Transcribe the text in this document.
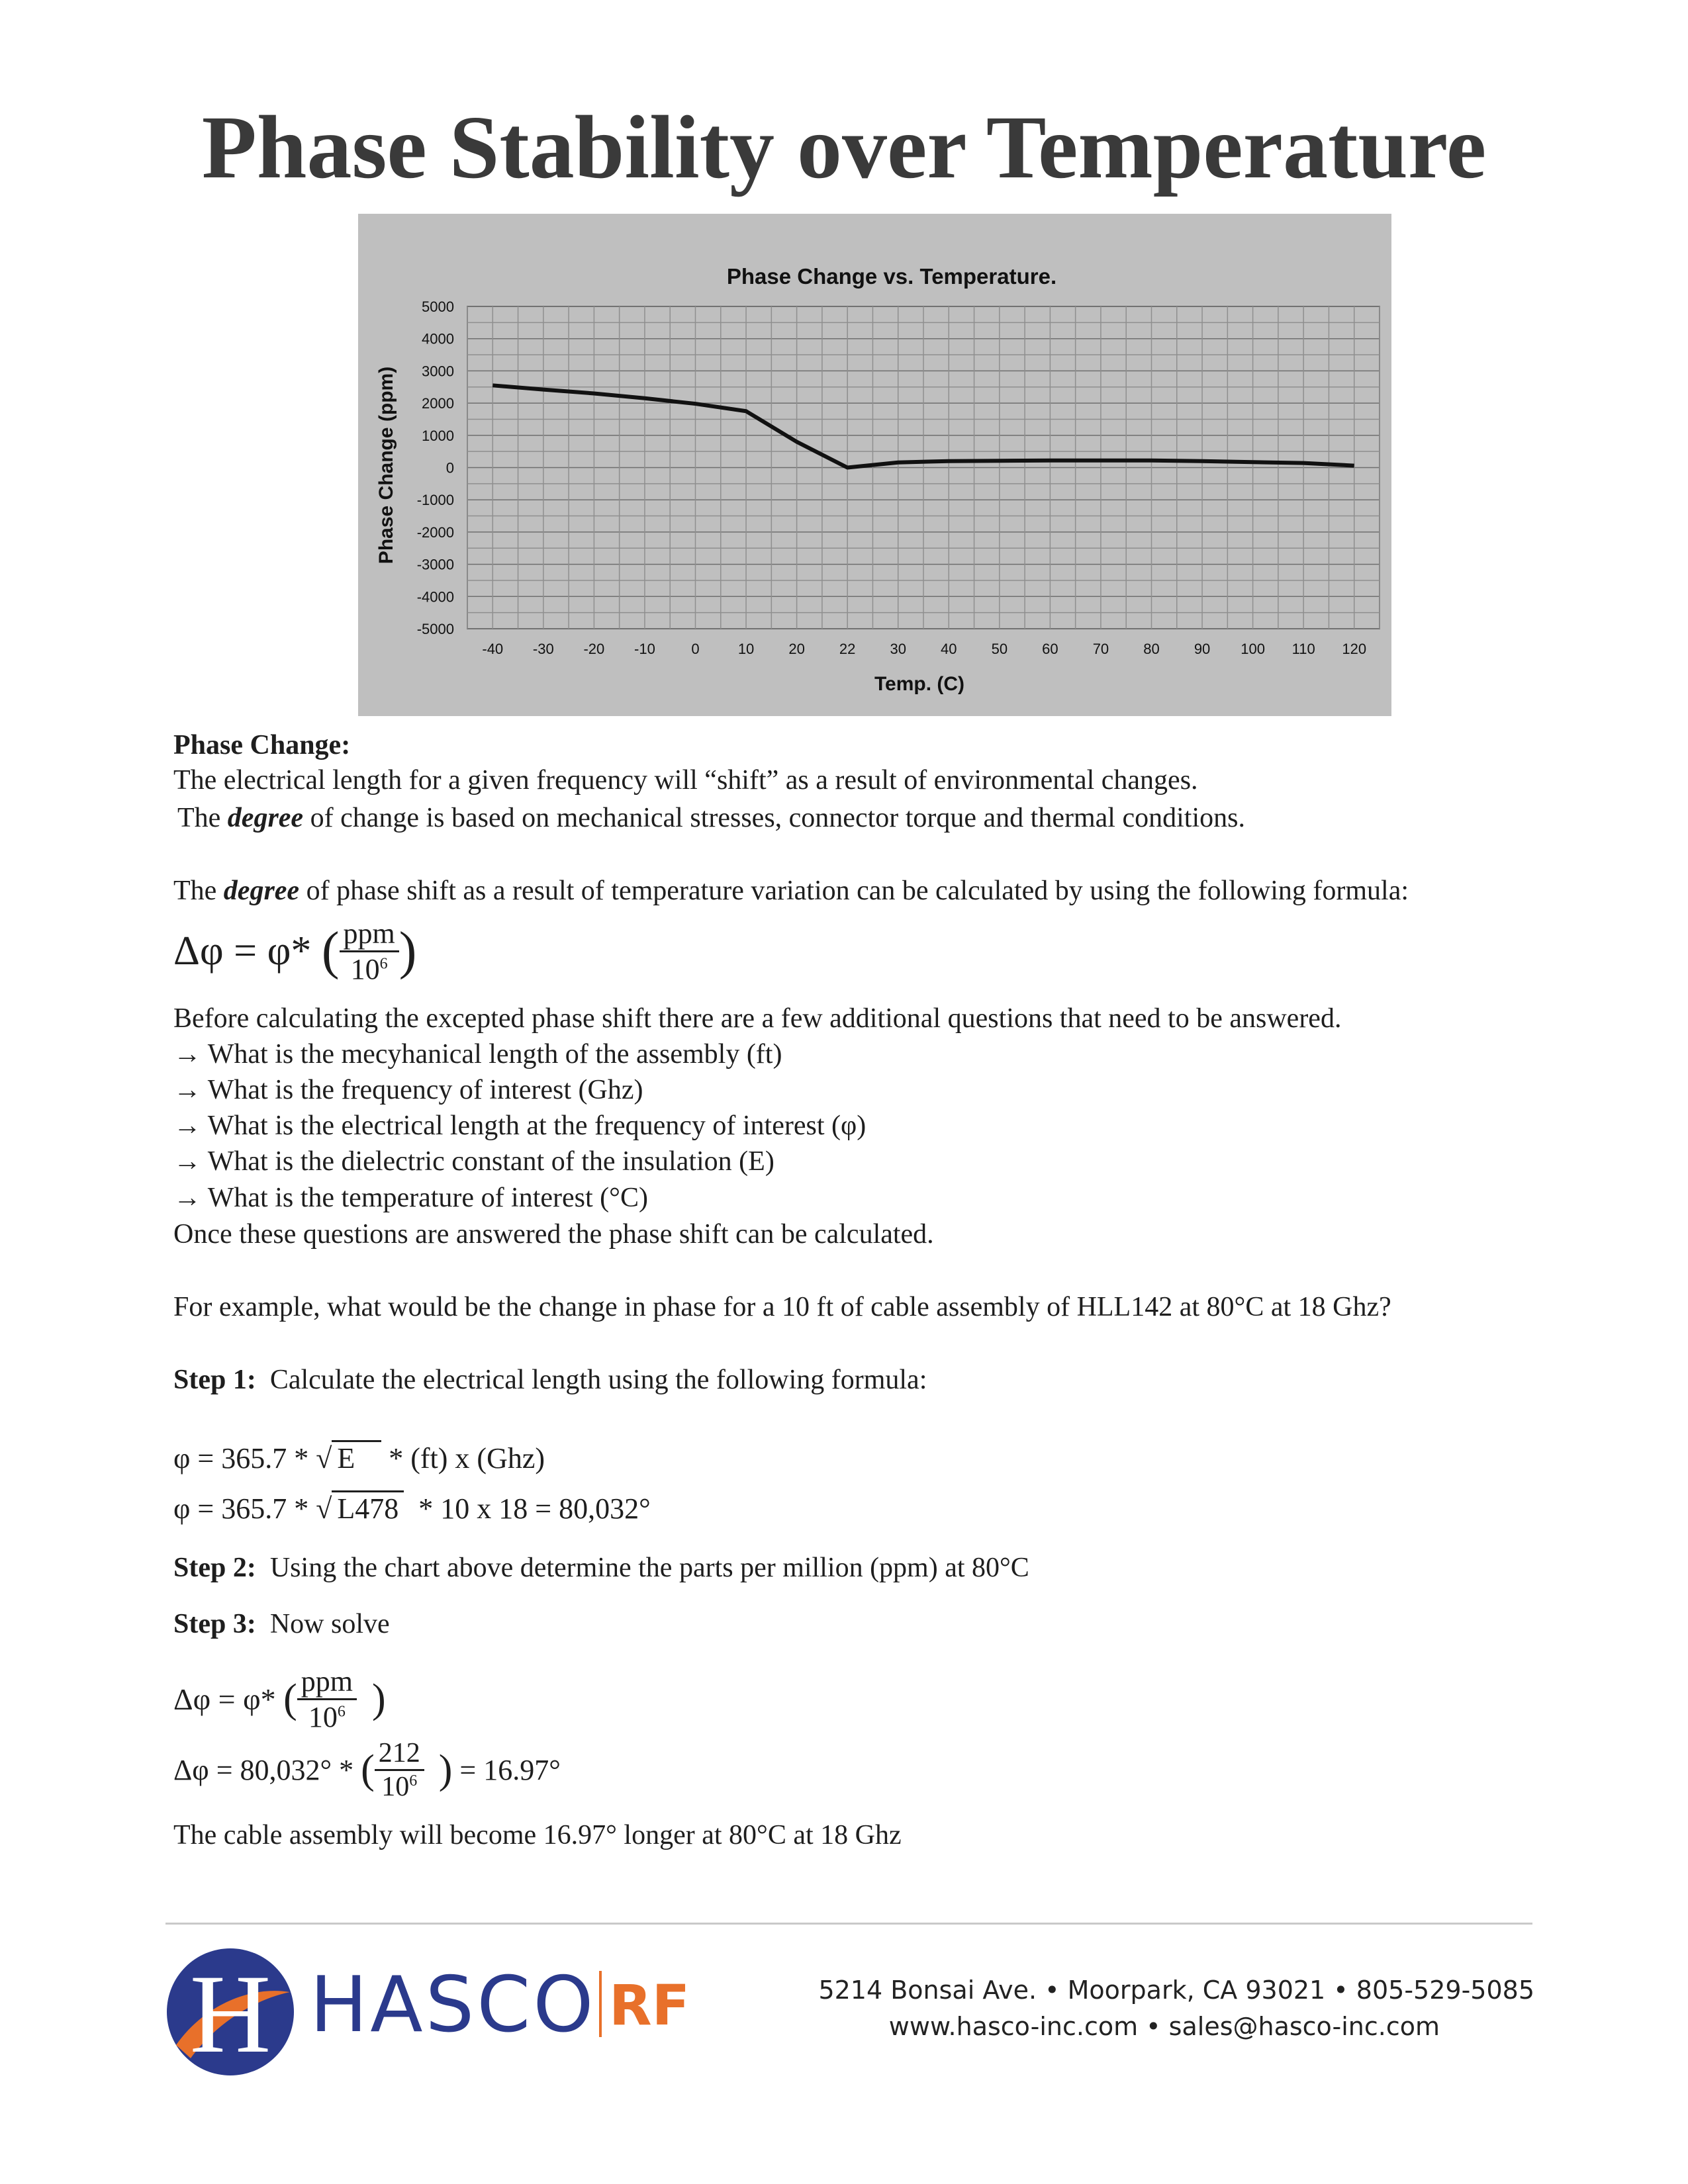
Phase Stability over Temperature
Phase Change vs. Temperature.
Phase Change (ppm)
Temp. (C)
5000
4000
3000
2000
1000
0
-1000
-2000
-3000
-4000
-5000
-40 -30 -20 -10 0	10 20 22 30 40 50 60 70 80 90 100 110 120
Phase Change:
The electrical length for a given frequency will “shift” as a result of environmental changes.
The degree of change is based on mechanical stresses, connector torque and thermal conditions.
The degree of phase shift as a result of temperature variation can be calculated by using the following formula:
Δφ = φ* ( $\frac{\text{ppm}}{10^6}$ )
Before calculating the excepted phase shift there are a few additional questions that need to be answered.
→ What is the mecyhanical length of the assembly (ft)
→ What is the frequency of interest (Ghz)
→ What is the electrical length at the frequency of interest (φ)
→ What is the dielectric constant of the insulation (E)
→ What is the temperature of interest (°C)
Once these questions are answered the phase shift can be calculated.
For example, what would be the change in phase for a 10 ft of cable assembly of HLL142 at 80°C at 18 Ghz?
Step 1: Calculate the electrical length using the following formula:
φ = 365.7 * √ E * (ft) x (Ghz)
φ = 365.7 * √ L478 * 10 x 18 = 80,032°
Step 2: Using the chart above determine the parts per million (ppm) at 80°C
Step 3: Now solve
Δφ = φ* ( $\frac{\text{ppm}}{10^6}$ )
Δφ = 80,032° * ( $\frac{212}{10^6}$ ) = 16.97°
The cable assembly will become 16.97° longer at 80°C at 18 Ghz
H HASCO RF	5214 Bonsai Ave. • Moorpark, CA 93021 • 805-529-5085
www.hasco-inc.com • sales@hasco-inc.com
